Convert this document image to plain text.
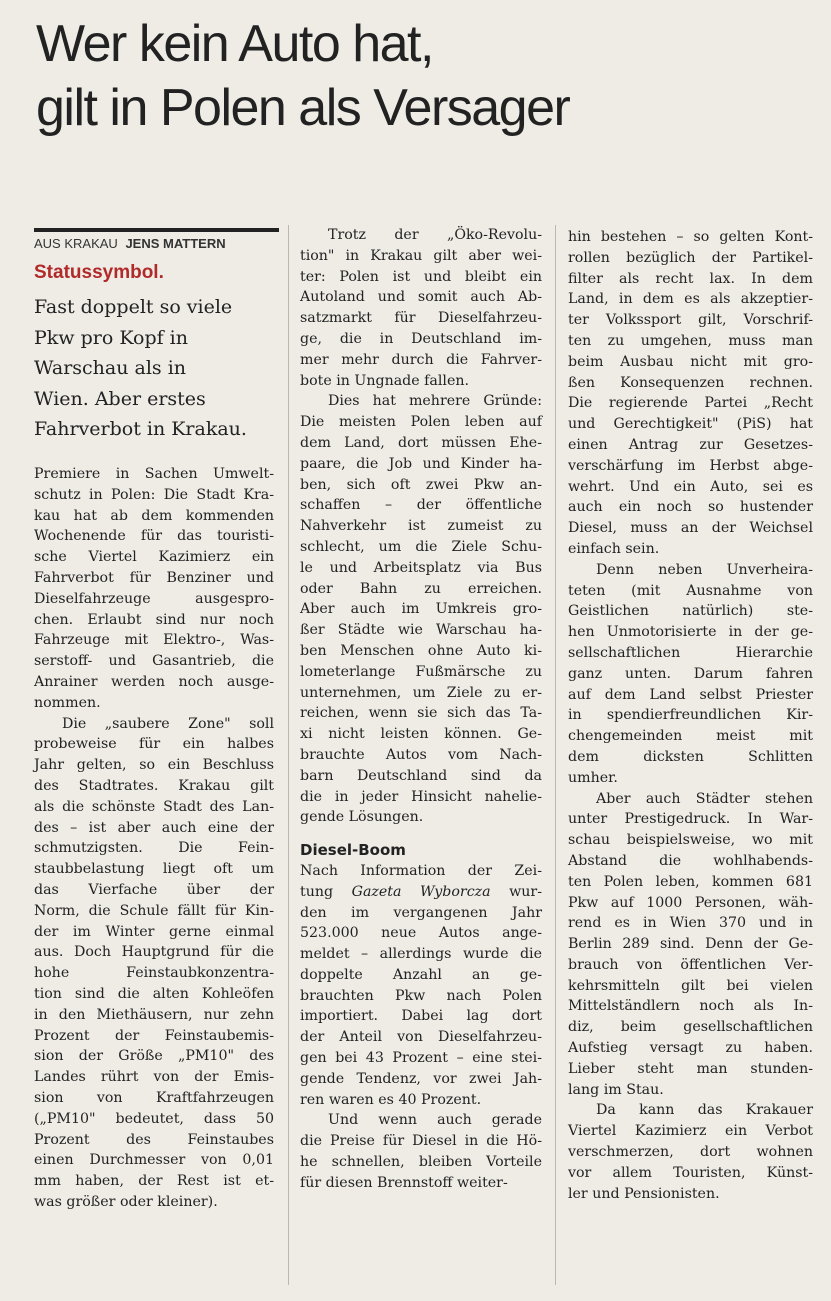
Wer kein Auto hat,
gilt in Polen als Versager
AUS KRAKAU JENS MATTERN
Statussymbol.
Fast doppelt so viele
Pkw pro Kopf in
Warschau als in
Wien. Aber erstes
Fahrverbot in Krakau.

Premiere in Sachen Umwelt-
schutz in Polen: Die Stadt Kra-
kau hat ab dem kommenden
Wochenende für das touristi-
sche Viertel Kazimierz ein
Fahrverbot für Benziner und
Dieselfahrzeuge ausgespro-
chen. Erlaubt sind nur noch
Fahrzeuge mit Elektro-, Was-
serstoff- und Gasantrieb, die
Anrainer werden noch ausge-
nommen.

Die „saubere Zone" soll
probeweise für ein halbes
Jahr gelten, so ein Beschluss
des Stadtrates. Krakau gilt
als die schönste Stadt des Lan-
des – ist aber auch eine der
schmutzigsten. Die Fein-
staubbelastung liegt oft um
das Vierfache über der
Norm, die Schule fällt für Kin-
der im Winter gerne einmal
aus. Doch Hauptgrund für die
hohe Feinstaubkonzentra-
tion sind die alten Kohleöfen
in den Miethäusern, nur zehn
Prozent der Feinstaubemis-
sion der Größe „PM10" des
Landes rührt von der Emis-
sion von Kraftfahrzeugen
(„PM10" bedeutet, dass 50
Prozent des Feinstaubes
einen Durchmesser von 0,01
mm haben, der Rest ist et-
was größer oder kleiner).

Trotz der „Öko-Revolu-
tion" in Krakau gilt aber wei-
ter: Polen ist und bleibt ein
Autoland und somit auch Ab-
satzmarkt für Dieselfahrzeu-
ge, die in Deutschland im-
mer mehr durch die Fahrver-
bote in Ungnade fallen.

Dies hat mehrere Gründe:
Die meisten Polen leben auf
dem Land, dort müssen Ehe-
paare, die Job und Kinder ha-
ben, sich oft zwei Pkw an-
schaffen – der öffentliche
Nahverkehr ist zumeist zu
schlecht, um die Ziele Schu-
le und Arbeitsplatz via Bus
oder Bahn zu erreichen.
Aber auch im Umkreis gro-
ßer Städte wie Warschau ha-
ben Menschen ohne Auto ki-
lometerlange Fußmärsche zu
unternehmen, um Ziele zu er-
reichen, wenn sie sich das Ta-
xi nicht leisten können. Ge-
brauchte Autos vom Nach-
barn Deutschland sind da
die in jeder Hinsicht nahelie-
gende Lösungen.

Diesel-Boom

Nach Information der Zei-
tung Gazeta Wyborcza wur-
den im vergangenen Jahr
523.000 neue Autos ange-
meldet – allerdings wurde die
doppelte Anzahl an ge-
brauchten Pkw nach Polen
importiert. Dabei lag dort
der Anteil von Dieselfahrzeu-
gen bei 43 Prozent – eine stei-
gende Tendenz, vor zwei Jah-
ren waren es 40 Prozent.

Und wenn auch gerade
die Preise für Diesel in die Hö-
he schnellen, bleiben Vorteile
für diesen Brennstoff weiter-

hin bestehen – so gelten Kont-
rollen bezüglich der Partikel-
filter als recht lax. In dem
Land, in dem es als akzeptier-
ter Volkssport gilt, Vorschrif-
ten zu umgehen, muss man
beim Ausbau nicht mit gro-
ßen Konsequenzen rechnen.
Die regierende Partei „Recht
und Gerechtigkeit" (PiS) hat
einen Antrag zur Gesetzes-
verschärfung im Herbst abge-
wehrt. Und ein Auto, sei es
auch ein noch so hustender
Diesel, muss an der Weichsel
einfach sein.

Denn neben Unverheira-
teten (mit Ausnahme von
Geistlichen natürlich) ste-
hen Unmotorisierte in der ge-
sellschaftlichen Hierarchie
ganz unten. Darum fahren
auf dem Land selbst Priester
in spendierfreundlichen Kir-
chengemeinden meist mit
dem dicksten Schlitten
umher.

Aber auch Städter stehen
unter Prestigedruck. In War-
schau beispielsweise, wo mit
Abstand die wohlhabends-
ten Polen leben, kommen 681
Pkw auf 1000 Personen, wäh-
rend es in Wien 370 und in
Berlin 289 sind. Denn der Ge-
brauch von öffentlichen Ver-
kehrsmitteln gilt bei vielen
Mittelständlern noch als In-
diz, beim gesellschaftlichen
Aufstieg versagt zu haben.
Lieber steht man stunden-
lang im Stau.

Da kann das Krakauer
Viertel Kazimierz ein Verbot
verschmerzen, dort wohnen
vor allem Touristen, Künst-
ler und Pensionisten.
